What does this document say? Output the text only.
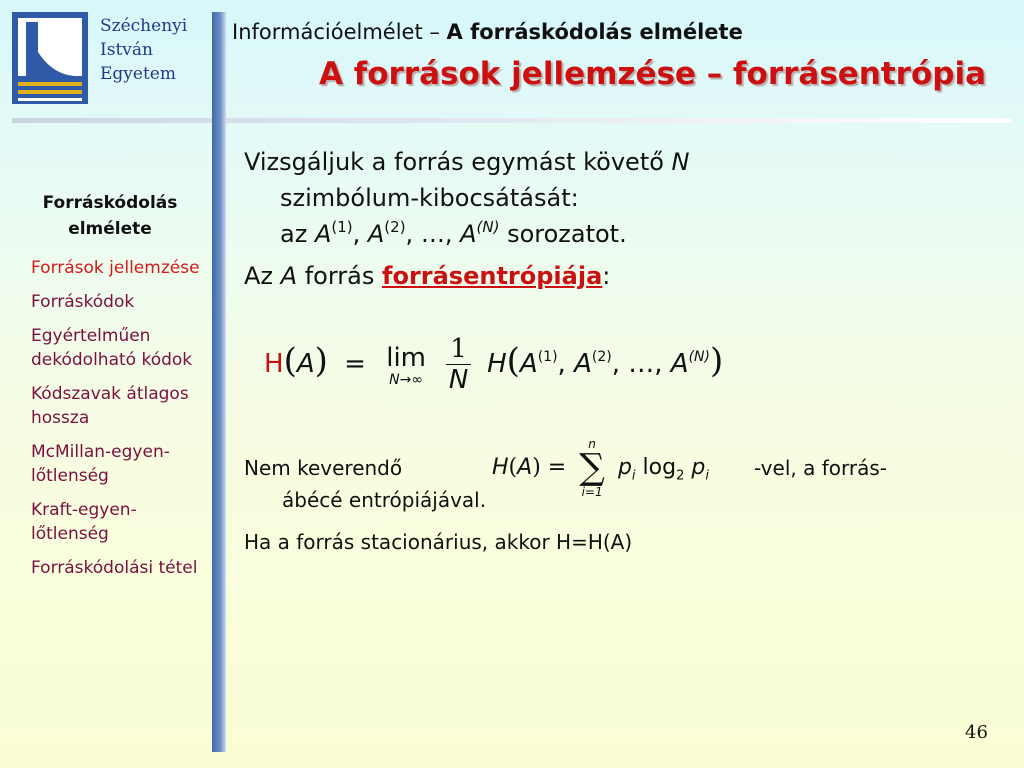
Széchenyi
István
Egyetem
Információelmélet – A forráskódolás elmélete
A források jellemzése – forrásentrópia
Forráskódolás elmélete
Források jellemzése
Forráskódok
Egyértelműen dekódolható kódok
Kódszavak átlagos hossza
McMillan-egyen-lőtlenség
Kraft-egyen-lőtlenség
Forráskódolási tétel
Vizsgáljuk a forrás egymást követő N
szimbólum-kibocsátását:
az $A^{(1)}$, $A^{(2)}$, …, $A^{(N)}$ sorozatot.
Az A forrás forrásentrópiája:
H(A) = lim
N→∞
$\frac{1}{N} H(A^{(1)}$, $A^{(2)}$, …, $A^{(N)}$)
Nem keverendő	H(A) =
n
∑
i=1
$p_i$ $\log_2 p_i$ -vel, a forrás-
ábécé entrópiájával.
Ha a forrás stacionárius, akkor H=H(A)
46
